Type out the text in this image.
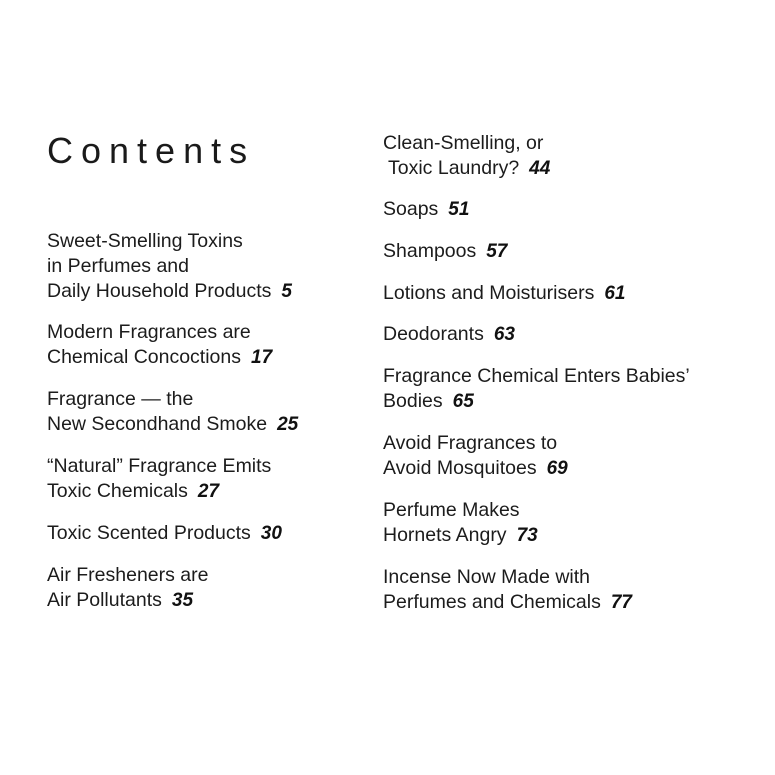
Contents
Sweet-Smelling Toxins
in Perfumes and
Daily Household Products 5
Modern Fragrances are
Chemical Concoctions 17
Fragrance — the
New Secondhand Smoke 25
“Natural” Fragrance Emits
Toxic Chemicals 27
Toxic Scented Products 30
Air Fresheners are
Air Pollutants 35
Clean-Smelling, or
Toxic Laundry? 44
Soaps 51
Shampoos 57
Lotions and Moisturisers 61
Deodorants 63
Fragrance Chemical Enters Babies’
Bodies 65
Avoid Fragrances to
Avoid Mosquitoes 69
Perfume Makes
Hornets Angry 73
Incense Now Made with
Perfumes and Chemicals 77
